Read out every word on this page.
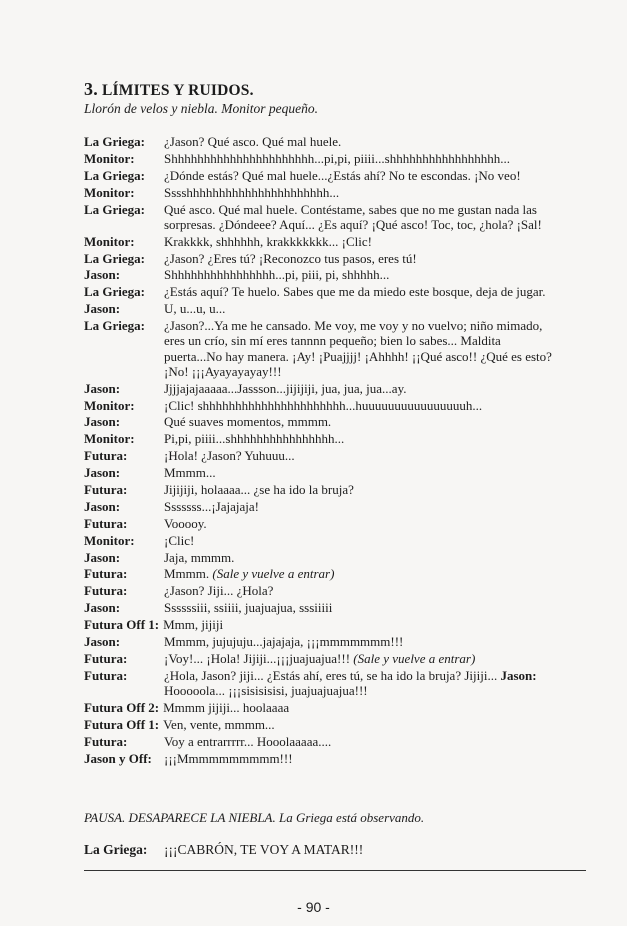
3. LÍMITES Y RUIDOS.
Llorón de velos y niebla. Monitor pequeño.
La Griega:	¿Jason? Qué asco. Qué mal huele.
Monitor:	Shhhhhhhhhhhhhhhhhhhhhh...pi,pi, piiii...shhhhhhhhhhhhhhhhh...
La Griega:	¿Dónde estás? Qué mal huele...¿Estás ahí? No te escondas. ¡No veo!
Monitor:	Sssshhhhhhhhhhhhhhhhhhhhhh...
La Griega:	Qué asco. Qué mal huele. Contéstame, sabes que no me gustan nada las sorpresas. ¿Dóndeee? Aquí... ¿Es aquí? ¡Qué asco! Toc, toc, ¿hola? ¡Sal!
Monitor:	Krakkkk, shhhhhh, krakkkkkkk... ¡Clic!
La Griega:	¿Jason? ¿Eres tú? ¡Reconozco tus pasos, eres tú!
Jason:	Shhhhhhhhhhhhhhhh...pi, piii, pi, shhhhh...
La Griega:	¿Estás aquí? Te huelo. Sabes que me da miedo este bosque, deja de jugar.
Jason:	U, u...u, u...
La Griega:	¿Jason?...Ya me he cansado. Me voy, me voy y no vuelvo; niño mimado, eres un crío, sin mí eres tannnn pequeño; bien lo sabes... Maldita puerta...No hay manera. ¡Ay! ¡Puajjjj! ¡Ahhhh! ¡¡Qué asco!! ¿Qué es esto? ¡No! ¡¡¡Ayayayayay!!!
Jason:	Jjjjajajaaaaa...Jassson...jijijiji, jua, jua, jua...ay.
Monitor:	¡Clic! shhhhhhhhhhhhhhhhhhhhhh...huuuuuuuuuuuuuuuuh...
Jason:	Qué suaves momentos, mmmm.
Monitor:	Pi,pi, piiii...shhhhhhhhhhhhhhhh...
Futura:	¡Hola! ¿Jason? Yuhuuu...
Jason:	Mmmm...
Futura:	Jijijiji, holaaaa... ¿se ha ido la bruja?
Jason:	Sssssss...¡Jajajaja!
Futura:	Vooooy.
Monitor:	¡Clic!
Jason:	Jaja, mmmm.
Futura:	Mmmm. (Sale y vuelve a entrar)
Futura:	¿Jason? Jiji... ¿Hola?
Jason:	Ssssssiii, ssiiii, juajuajua, sssiiiii
Futura Off 1: Mmm, jijiji
Jason:	Mmmm, jujujuju...jajajaja, ¡¡¡mmmmmmm!!!
Futura:	¡Voy!... ¡Hola! Jijiji...¡¡¡juajuajua!!! (Sale y vuelve a entrar)
Futura:	¿Hola, Jason? jiji... ¿Estás ahí, eres tú, se ha ido la bruja? Jijiji... Jason: Hooooola... ¡¡¡sisisisisi, juajuajuajua!!!
Futura Off 2: Mmmm jijiji... hoolaaaa
Futura Off 1: Ven, vente, mmmm...
Futura:	Voy a entrarrrrr... Hooolaaaaa....
Jason y Off: ¡¡¡Mmmmmmmmmm!!!
PAUSA. DESAPARECE LA NIEBLA. La Griega está observando.
La Griega:	¡¡¡CABRÓN, TE VOY A MATAR!!!
- 90 -
